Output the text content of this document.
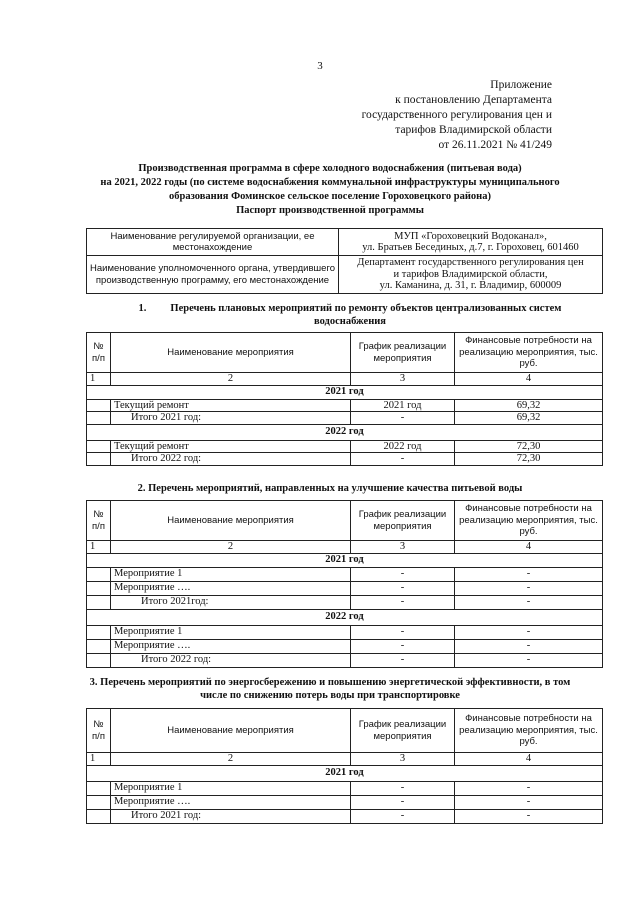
3
Приложение
к постановлению Департамента
государственного регулирования цен и
тарифов Владимирской области
от 26.11.2021 № 41/249
Производственная программа в сфере холодного водоснабжения (питьевая вода)
на 2021, 2022 годы (по системе водоснабжения коммунальной инфраструктуры муниципального
образования Фоминское сельское поселение Гороховецкого района)
Паспорт производственной программы
Наименование регулируемой организации, ее местонахождение	МУП «Гороховецкий Водоканал»,
ул. Братьев Бесединых, д.7, г. Гороховец, 601460

Наименование уполномоченного органа, утвердившего производственную программу, его местонахождение	Департамент государственного регулирования цен
и тарифов Владимирской области,
ул. Каманина, д. 31, г. Владимир, 600009
1. Перечень плановых мероприятий по ремонту объектов централизованных систем
водоснабжения
№ п/п	Наименование мероприятия	График реализации мероприятия	Финансовые потребности на реализацию мероприятия, тыс. руб.
1	2	3	4
2021 год			
	Текущий ремонт	2021 год	69,32
	Итого 2021 год:	-	69,32
2022 год			
	Текущий ремонт	2022 год	72,30
	Итого 2022 год:	-	72,30
2. Перечень мероприятий, направленных на улучшение качества питьевой воды
№ п/п	Наименование мероприятия	График реализации мероприятия	Финансовые потребности на реализацию мероприятия, тыс. руб.
1	2	3	4
2021 год			
	Мероприятие 1	-	-
	Мероприятие ….	-	-
	Итого 2021год:	-	-
2022 год			
	Мероприятие 1	-	-
	Мероприятие ….	-	-
	Итого 2022 год:	-	-
3. Перечень мероприятий по энергосбережению и повышению энергетической эффективности, в том
числе по снижению потерь воды при транспортировке
№ п/п	Наименование мероприятия	График реализации мероприятия	Финансовые потребности на реализацию мероприятия, тыс. руб.
1	2	3	4
2021 год			
	Мероприятие 1	-	-
	Мероприятие ….	-	-
	Итого 2021 год:	-	-
